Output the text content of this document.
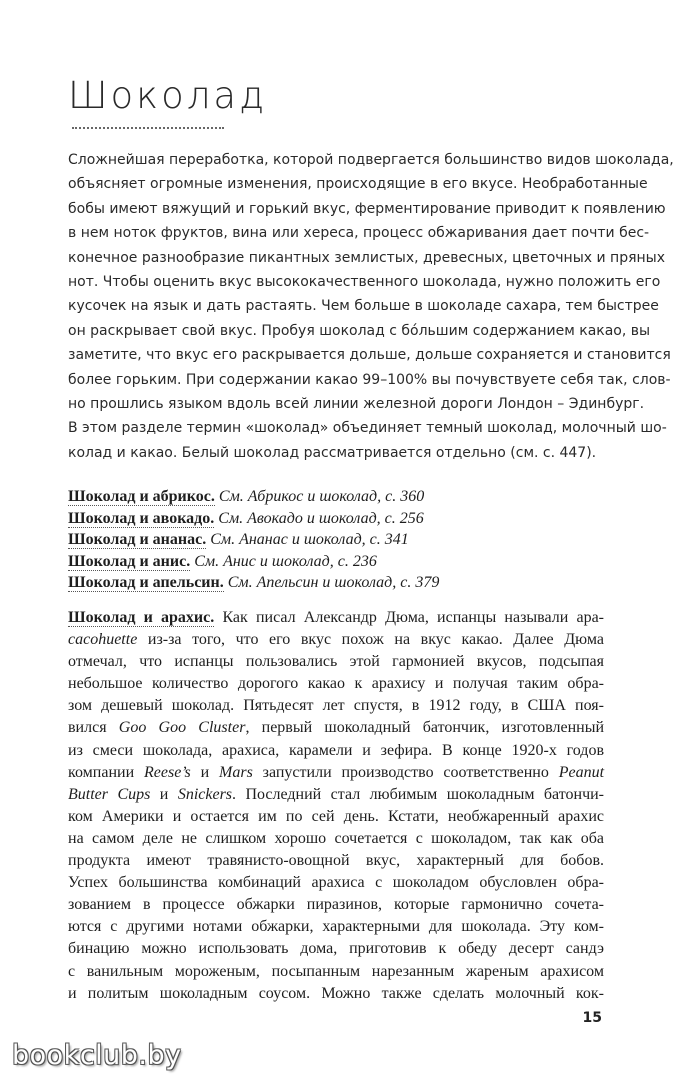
Шоколад
Сложнейшая переработка, которой подвергается большинство видов шоколада,
объясняет огромные изменения, происходящие в его вкусе. Необработанные
бобы имеют вяжущий и горький вкус, ферментирование приводит к появлению
в нем ноток фруктов, вина или хереса, процесс обжаривания дает почти бес-
конечное разнообразие пикантных землистых, древесных, цветочных и пряных
нот. Чтобы оценить вкус высококачественного шоколада, нужно положить его
кусочек на язык и дать растаять. Чем больше в шоколаде сахара, тем быстрее
он раскрывает свой вкус. Пробуя шоколад с бóльшим содержанием какао, вы
заметите, что вкус его раскрывается дольше, дольше сохраняется и становится
более горьким. При содержании какао 99–100% вы почувствуете себя так, слов-
но прошлись языком вдоль всей линии железной дороги Лондон – Эдинбург.
В этом разделе термин «шоколад» объединяет темный шоколад, молочный шо-
колад и какао. Белый шоколад рассматривается отдельно (см. с. 447).
Шоколад и абрикос. См. Абрикос и шоколад, с. 360
Шоколад и авокадо. См. Авокадо и шоколад, с. 256
Шоколад и ананас. См. Ананас и шоколад, с. 341
Шоколад и анис. См. Анис и шоколад, с. 236
Шоколад и апельсин. См. Апельсин и шоколад, с. 379
Шоколад и арахис. Как писал Александр Дюма, испанцы называли ара-
cacohuette из-за того, что его вкус похож на вкус какао. Далее Дюма
отмечал, что испанцы пользовались этой гармонией вкусов, подсыпая
небольшое количество дорогого какао к арахису и получая таким обра-
зом дешевый шоколад. Пятьдесят лет спустя, в 1912 году, в США поя-
вился Goo Goo Cluster, первый шоколадный батончик, изготовленный
из смеси шоколада, арахиса, карамели и зефира. В конце 1920-х годов
компании Reese’s и Mars запустили производство соответственно Peanut
Butter Cups и Snickers. Последний стал любимым шоколадным батончи-
ком Америки и остается им по сей день. Кстати, необжаренный арахис
на самом деле не слишком хорошо сочетается с шоколадом, так как оба
продукта имеют травянисто-овощной вкус, характерный для бобов.
Успех большинства комбинаций арахиса с шоколадом обусловлен обра-
зованием в процессе обжарки пиразинов, которые гармонично сочета-
ются с другими нотами обжарки, характерными для шоколада. Эту ком-
бинацию можно использовать дома, приготовив к обеду десерт сандэ
с ванильным мороженым, посыпанным нарезанным жареным арахисом
и политым шоколадным соусом. Можно также сделать молочный кок-
15
bookclub.by
